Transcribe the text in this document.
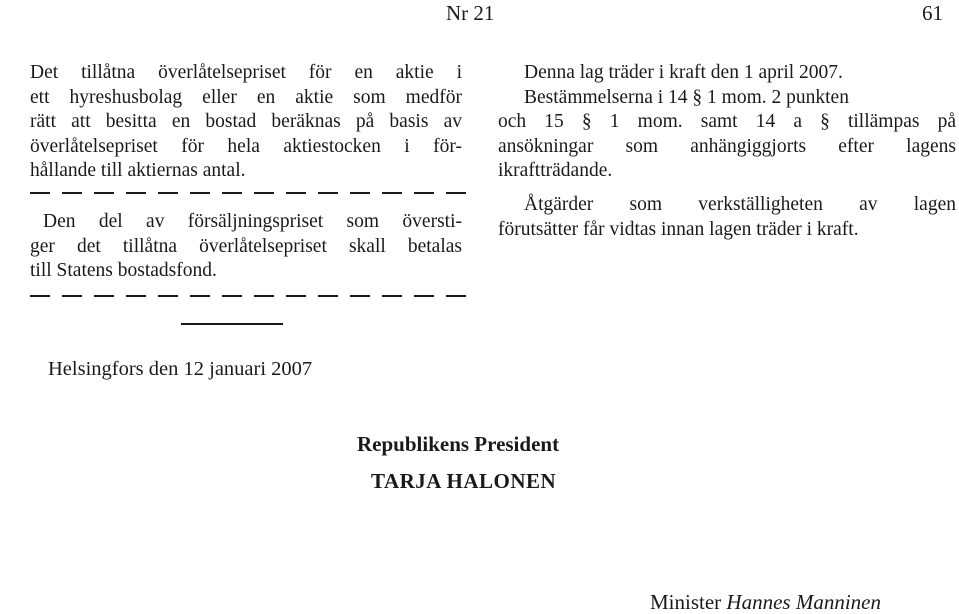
Nr 21	61
Det tillåtna överlåtelsepriset för en aktie i
ett hyreshusbolag eller en aktie som medför
rätt att besitta en bostad beräknas på basis av
överlåtelsepriset för hela aktiestocken i för-
hållande till aktiernas antal.
Den del av försäljningspriset som översti-
ger det tillåtna överlåtelsepriset skall betalas
till Statens bostadsfond.
Denna lag träder i kraft den 1 april 2007.
Bestämmelserna i 14 § 1 mom. 2 punkten
och 15 § 1 mom. samt 14 a § tillämpas på
ansökningar som anhängiggjorts efter lagens
ikraftträdande.
Åtgärder som verkställigheten av lagen
förutsätter får vidtas innan lagen träder i kraft.
Helsingfors den 12 januari 2007
Republikens President
TARJA HALONEN
Minister Hannes Manninen
